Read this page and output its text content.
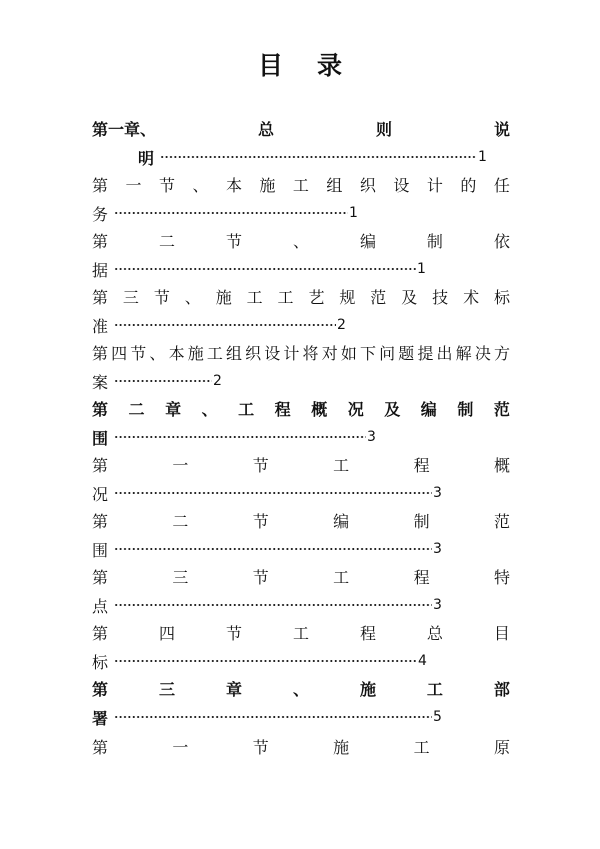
目 录
第一章、	总	则	说
明	1
第 一 节 、 本 施 工 组 织 设 计 的 任
务	1
第	二	节	、	编	制	依
据	1
第 三 节 、 施 工 工 艺 规 范 及 技 术 标
准	2
第 四 节 、 本 施 工 组 织 设 计 将 对 如 下 问 题 提 出 解 决 方
案	2
第 二 章 、 工 程 概 况 及 编 制 范
围	3
第	一	节	工	程	概
况	3
第	二	节	编	制	范
围	3
第	三	节	工	程	特
点	3
第	四	节	工	程	总	目
标	4
第	三	章	、	施	工	部
署	5
第	一	节	施	工	原
